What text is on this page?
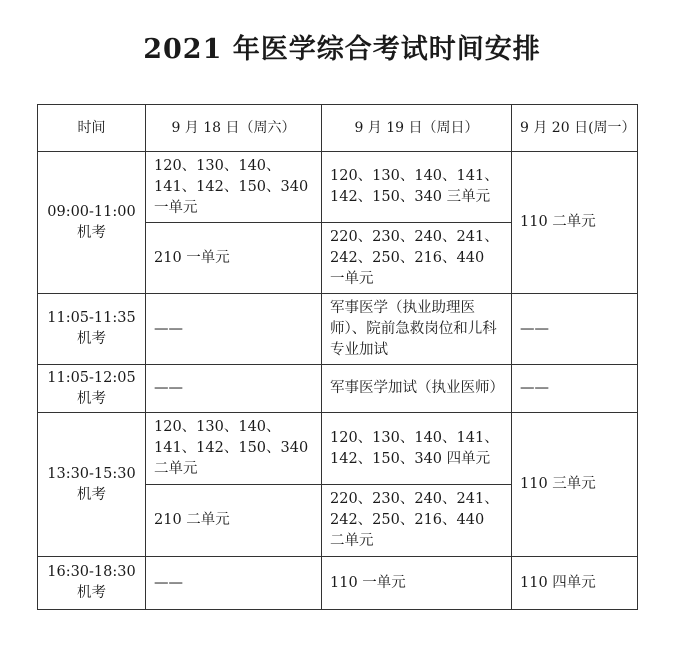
2021 年医学综合考试时间安排
时间	9 月 18 日（周六）	9 月 19 日（周日）	9 月 20 日(周一）

09:00-11:00
机考	120、130、140、141、142、150、340 一单元	120、130、140、141、142、150、340 三单元	110 二单元
	210 一单元	220、230、240、241、242、250、216、440 一单元	

11:05-11:35
机考	——	军事医学（执业助理医师）、院前急救岗位和儿科专业加试	——

11:05-12:05
机考	——	军事医学加试（执业医师）	——

13:30-15:30
机考	120、130、140、141、142、150、340 二单元	120、130、140、141、142、150、340 四单元	110 三单元
	210 二单元	220、230、240、241、242、250、216、440 二单元	

16:30-18:30
机考	——	110 一单元	110 四单元
